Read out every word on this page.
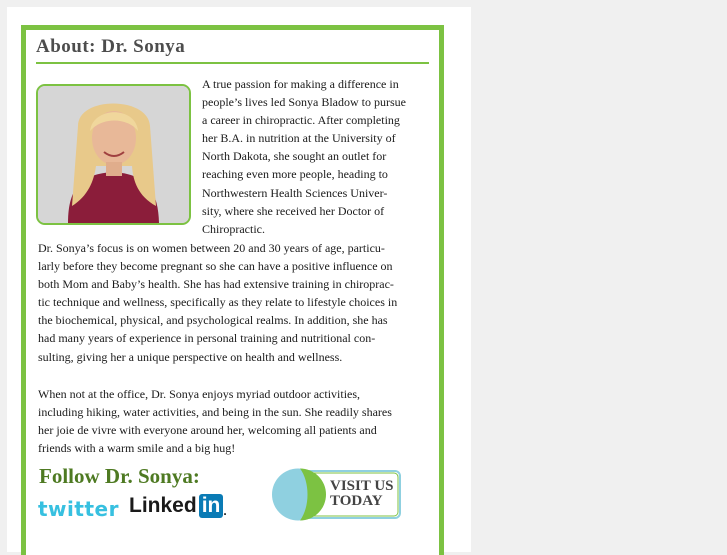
About: Dr. Sonya
A true passion for making a difference in
people’s lives led Sonya Bladow to pursue
a career in chiropractic. After completing
her B.A. in nutrition at the University of
North Dakota, she sought an outlet for
reaching even more people, heading to
Northwestern Health Sciences Univer-
sity, where she received her Doctor of
Chiropractic.
Dr. Sonya’s focus is on women between 20 and 30 years of age, particu-
larly before they become pregnant so she can have a positive influence on
both Mom and Baby’s health. She has had extensive training in chiroprac-
tic technique and wellness, specifically as they relate to lifestyle choices in
the biochemical, physical, and psychological realms. In addition, she has
had many years of experience in personal training and nutritional con-
sulting, giving her a unique perspective on health and wellness.
When not at the office, Dr. Sonya enjoys myriad outdoor activities,
including hiking, water activities, and being in the sun. She readily shares
her joie de vivre with everyone around her, welcoming all patients and
friends with a warm smile and a big hug!
Follow Dr. Sonya:
twitter Linked in .
VISIT US
TODAY
